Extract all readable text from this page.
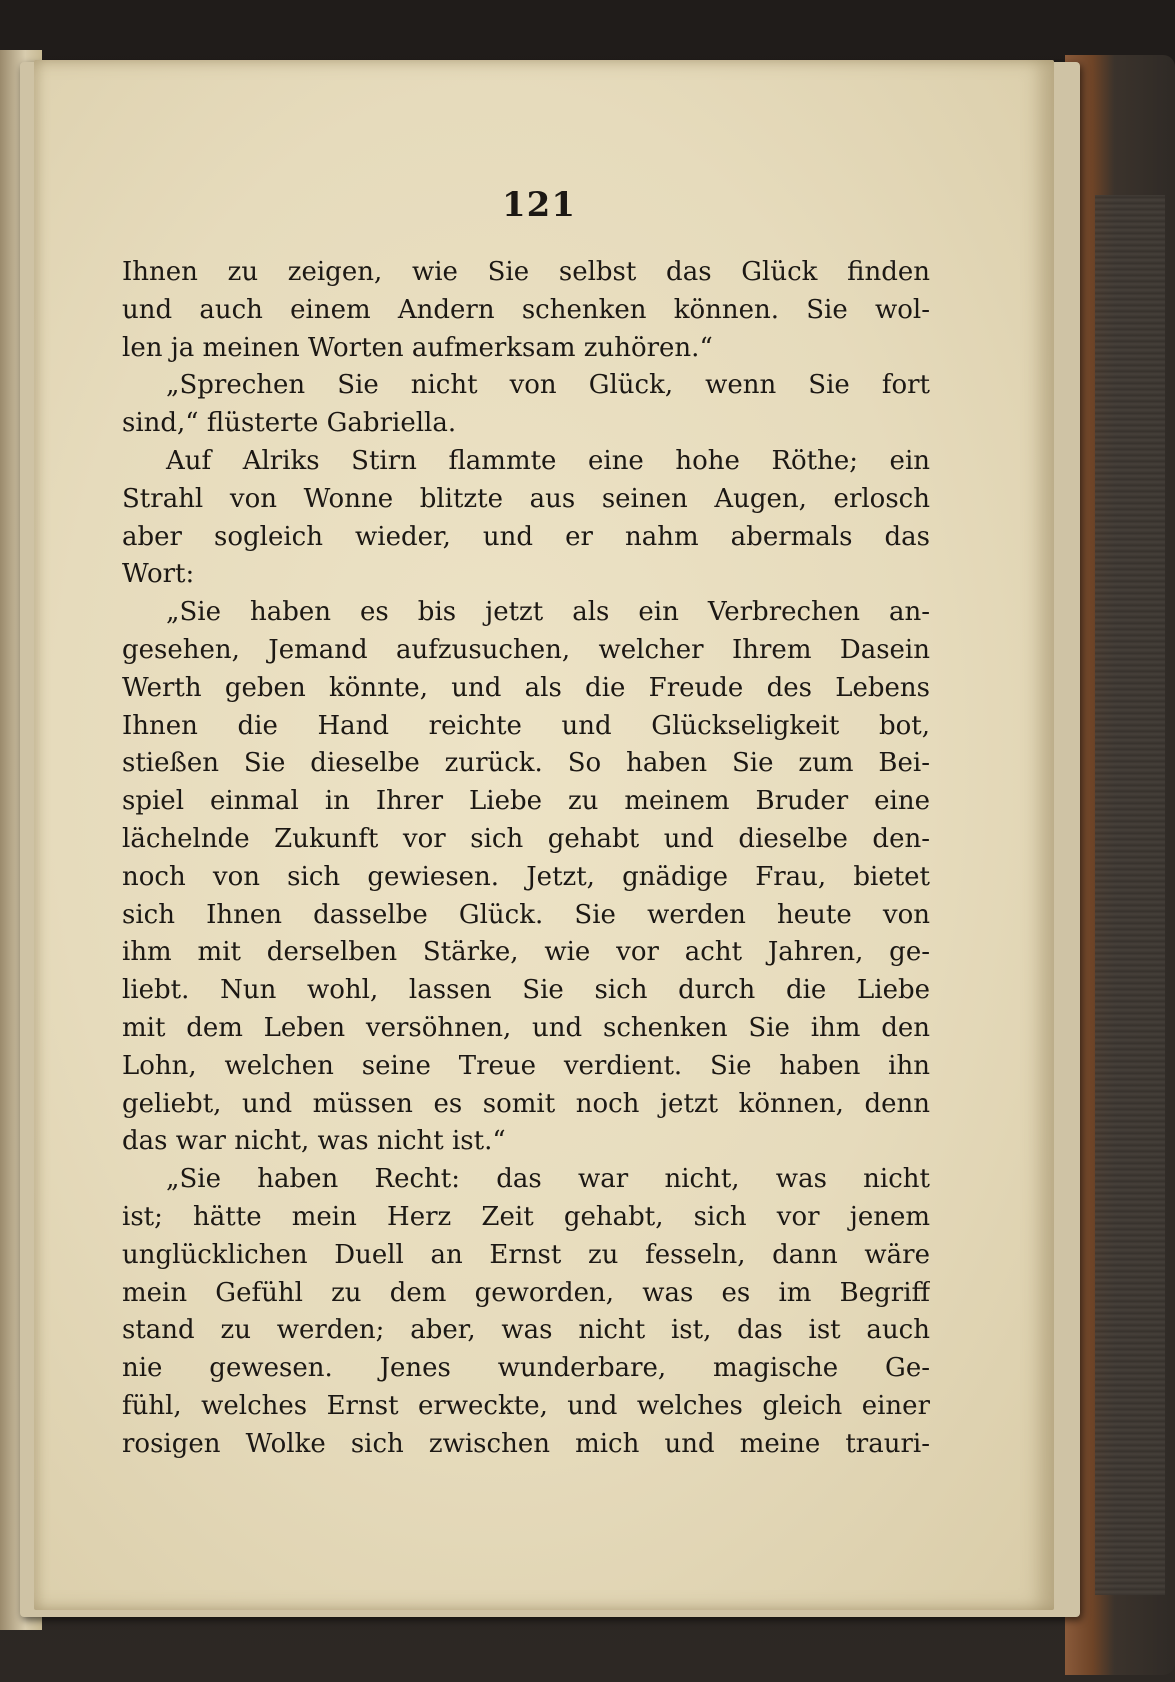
121
Ihnen zu zeigen, wie Sie selbst das Glück finden
und auch einem Andern schenken können. Sie wol-
len ja meinen Worten aufmerksam zuhören.“
„Sprechen Sie nicht von Glück, wenn Sie fort
sind,“ flüsterte Gabriella.
Auf Alriks Stirn flammte eine hohe Röthe; ein
Strahl von Wonne blitzte aus seinen Augen, erlosch
aber sogleich wieder, und er nahm abermals das
Wort:
„Sie haben es bis jetzt als ein Verbrechen an-
gesehen, Jemand aufzusuchen, welcher Ihrem Dasein
Werth geben könnte, und als die Freude des Lebens
Ihnen die Hand reichte und Glückseligkeit bot,
stießen Sie dieselbe zurück. So haben Sie zum Bei-
spiel einmal in Ihrer Liebe zu meinem Bruder eine
lächelnde Zukunft vor sich gehabt und dieselbe den-
noch von sich gewiesen. Jetzt, gnädige Frau, bietet
sich Ihnen dasselbe Glück. Sie werden heute von
ihm mit derselben Stärke, wie vor acht Jahren, ge-
liebt. Nun wohl, lassen Sie sich durch die Liebe
mit dem Leben versöhnen, und schenken Sie ihm den
Lohn, welchen seine Treue verdient. Sie haben ihn
geliebt, und müssen es somit noch jetzt können, denn
das war nicht, was nicht ist.“
„Sie haben Recht: das war nicht, was nicht
ist; hätte mein Herz Zeit gehabt, sich vor jenem
unglücklichen Duell an Ernst zu fesseln, dann wäre
mein Gefühl zu dem geworden, was es im Begriff
stand zu werden; aber, was nicht ist, das ist auch
nie gewesen. Jenes wunderbare, magische Ge-
fühl, welches Ernst erweckte, und welches gleich einer
rosigen Wolke sich zwischen mich und meine trauri-
